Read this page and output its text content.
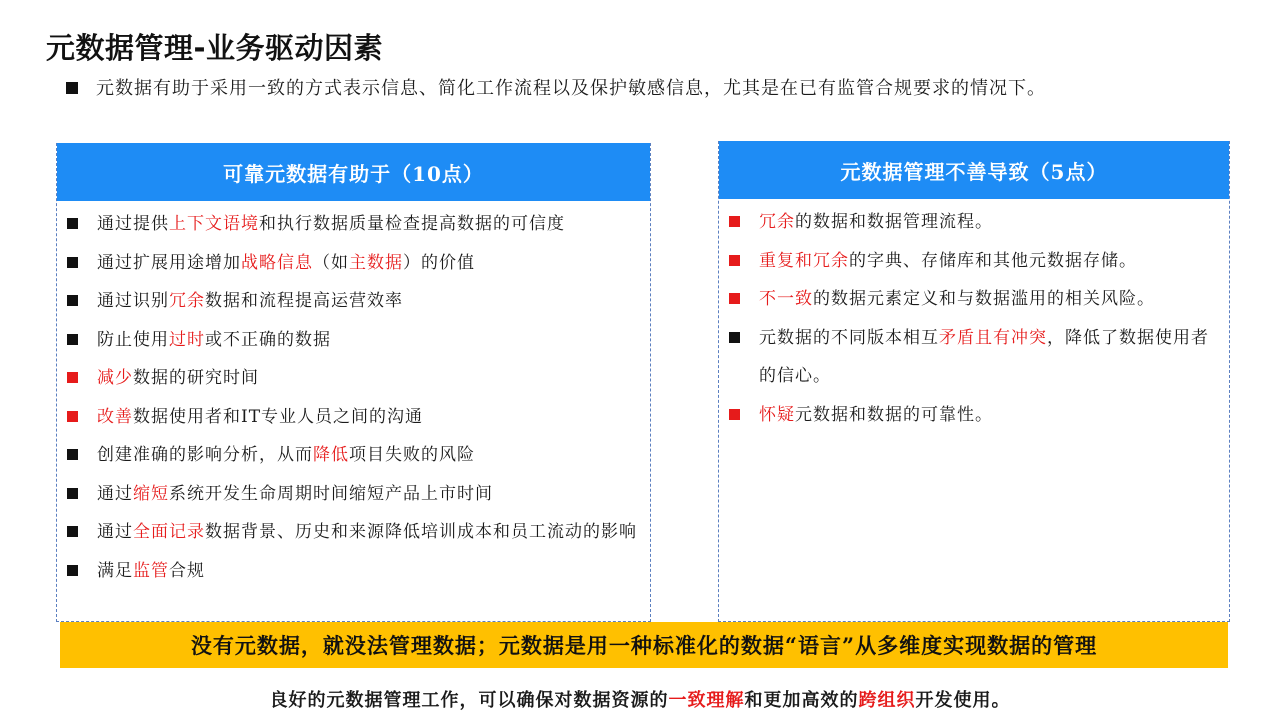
元数据管理-业务驱动因素
元数据有助于采用一致的方式表示信息、简化工作流程以及保护敏感信息，尤其是在已有监管合规要求的情况下。
可靠元数据有助于（10点）
通过提供上下文语境和执行数据质量检查提高数据的可信度
通过扩展用途增加战略信息（如主数据）的价值
通过识别冗余数据和流程提高运营效率
防止使用过时或不正确的数据
减少数据的研究时间
改善数据使用者和IT专业人员之间的沟通
创建准确的影响分析，从而降低项目失败的风险
通过缩短系统开发生命周期时间缩短产品上市时间
通过全面记录数据背景、历史和来源降低培训成本和员工流动的影响
满足监管合规
元数据管理不善导致（5点）
冗余的数据和数据管理流程。
重复和冗余的字典、存储库和其他元数据存储。
不一致的数据元素定义和与数据滥用的相关风险。
元数据的不同版本相互矛盾且有冲突，降低了数据使用者的信心。
怀疑元数据和数据的可靠性。
没有元数据，就没法管理数据；元数据是用一种标准化的数据“语言”从多维度实现数据的管理
良好的元数据管理工作，可以确保对数据资源的一致理解和更加高效的跨组织开发使用。
